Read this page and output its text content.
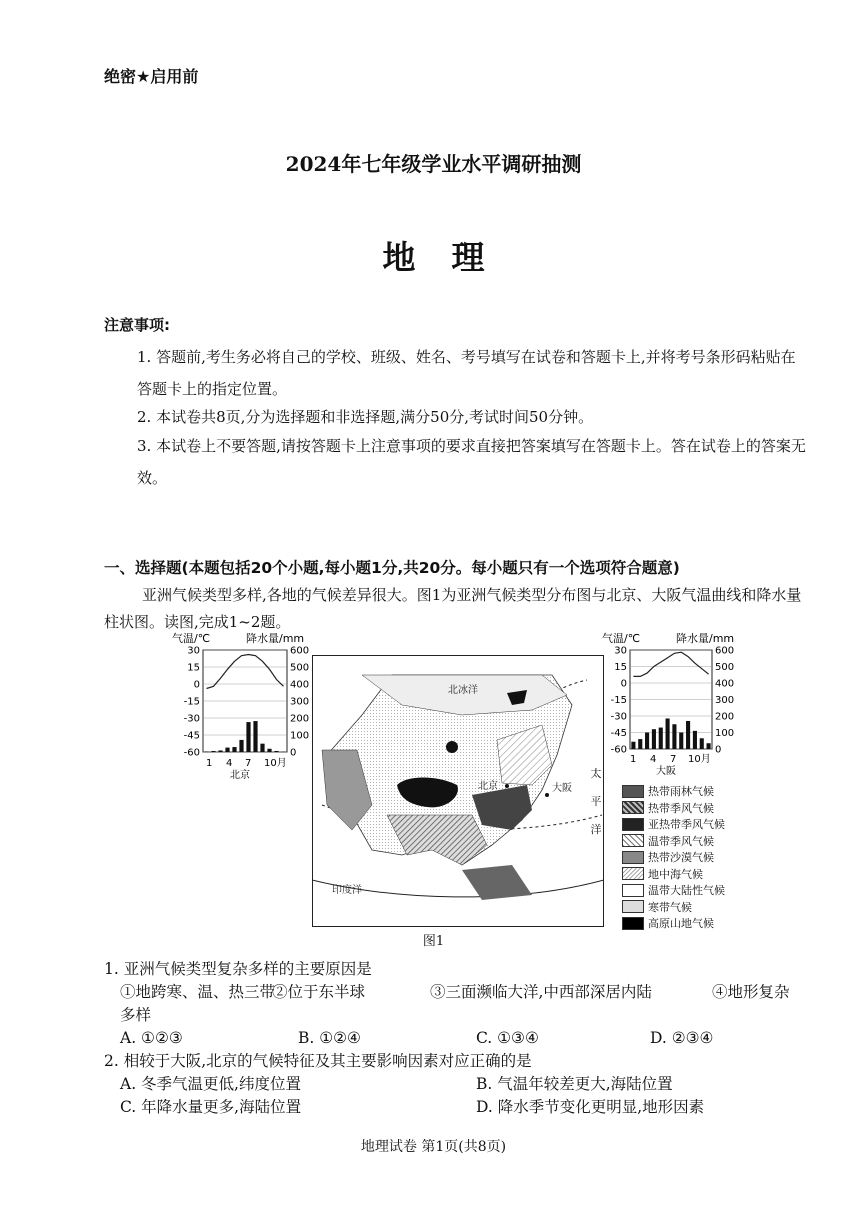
绝密★启用前
2024年七年级学业水平调研抽测
地理
注意事项:
1. 答题前,考生务必将自己的学校、班级、姓名、考号填写在试卷和答题卡上,并将考号条形码粘贴在答题卡上的指定位置。
2. 本试卷共8页,分为选择题和非选择题,满分50分,考试时间50分钟。
3. 本试卷上不要答题,请按答题卡上注意事项的要求直接把答案填写在答题卡上。答在试卷上的答案无效。
一、选择题(本题包括20个小题,每小题1分,共20分。每小题只有一个选项符合题意)
亚洲气候类型多样,各地的气候差异很大。图1为亚洲气候类型分布图与北京、大阪气温曲线和降水量柱状图。读图,完成1~2题。
气温/℃	降水量/mm
30	600
15	500
0	400
-15	300
-30	200
-45	100
-60	0
1 4 7 10月
北京
北冰洋
印度洋
北京	大阪
太
平
洋
气温/℃	降水量/mm
30	600
15	500
0	400
-15	300
-30	200
-45	100
-60	0
1 4 7 10月
大阪
热带雨林气候
热带季风气候
亚热带季风气候
温带季风气候
热带沙漠气候
地中海气候
温带大陆性气候
寒带气候
高原山地气候
图1
1. 亚洲气候类型复杂多样的主要原因是
①地跨寒、温、热三带
②位于东半球	③三面濒临大洋,中西部深居内陆	④地形复杂
多样
A. ①②③	B. ①②④	C. ①③④	D. ②③④
2. 相较于大阪,北京的气候特征及其主要影响因素对应正确的是
A. 冬季气温更低,纬度位置	B. 气温年较差更大,海陆位置
C. 年降水量更多,海陆位置	D. 降水季节变化更明显,地形因素
地理试卷 第1页(共8页)
